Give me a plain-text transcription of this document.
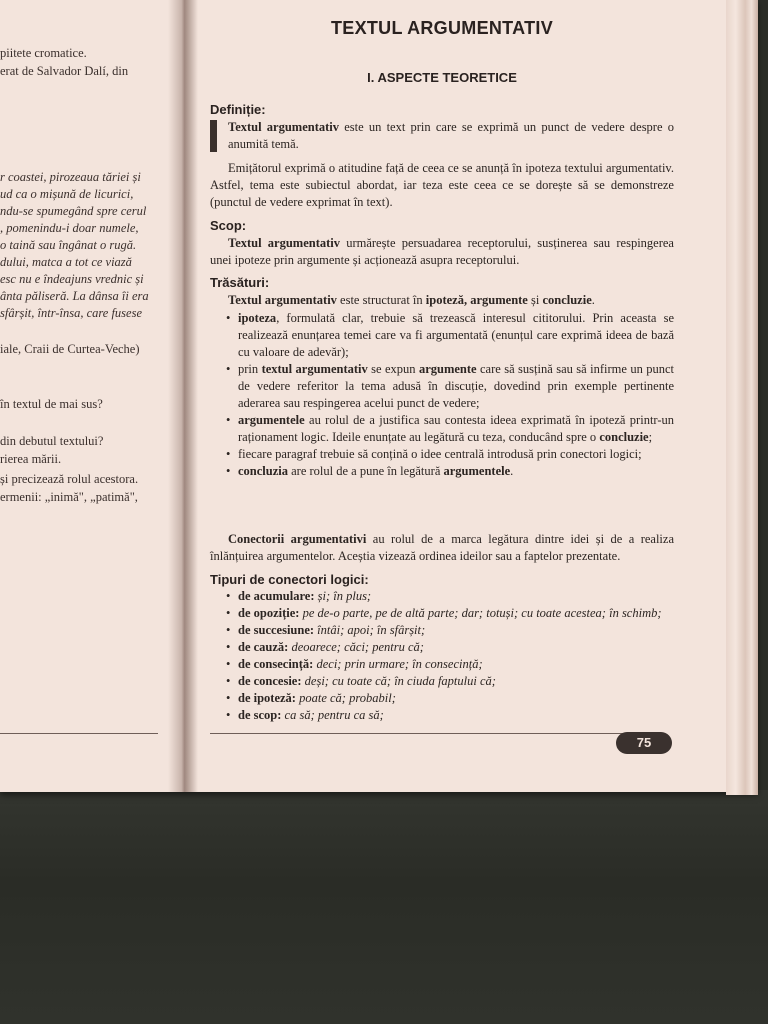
piitete cromatice.
erat de Salvador Dalí, din
r coastei, pirozeaua tăriei și
ud ca o mișună de licurici,
ndu-se spumegând spre cerul
, pomenindu-i doar numele,
o taină sau îngânat o rugă.
dului, matca a tot ce viază
esc nu e îndeajuns vrednic și
ânta păliseră. La dânsa îi era
sfârșit, într-însa, care fusese
iale, Craii de Curtea-Veche)
în textul de mai sus?
din debutul textului?
rierea mării.
și precizează rolul acestora.
ermenii: „inimă", „patimă",
TEXTUL ARGUMENTATIV
I. ASPECTE TEORETICE
Definiție:

Textul argumentativ este un text prin care se exprimă un punct de vedere despre o anumită temă.

Emițătorul exprimă o atitudine față de ceea ce se anunță în ipoteza textului argumentativ. Astfel, tema este subiectul abordat, iar teza este ceea ce se dorește să se demonstreze (punctul de vedere exprimat în text).

Scop:

Textul argumentativ urmărește persuadarea receptorului, susținerea sau respingerea unei ipoteze prin argumente și acționează asupra receptorului.

Trăsături:

Textul argumentativ este structurat în ipoteză, argumente și concluzie.

• ipoteza, formulată clar, trebuie să trezească interesul cititorului. Prin aceasta se realizează enunțarea temei care va fi argumentată (enunțul care exprimă ideea de bază cu valoare de adevăr);
• prin textul argumentativ se expun argumente care să susțină sau să infirme un punct de vedere referitor la tema adusă în discuție, dovedind prin exemple pertinente aderarea sau respingerea acelui punct de vedere;
• argumentele au rolul de a justifica sau contesta ideea exprimată în ipoteză printr-un raționament logic. Ideile enunțate au legătură cu teza, conducând spre o concluzie;
• fiecare paragraf trebuie să conțină o idee centrală introdusă prin conectori logici;
• concluzia are rolul de a pune în legătură argumentele.

Conectorii argumentativi au rolul de a marca legătura dintre idei și de a realiza înlănțuirea argumentelor. Aceștia vizează ordinea ideilor sau a faptelor prezentate.

Tipuri de conectori logici:
• de acumulare: și; în plus;
• de opoziție: pe de-o parte, pe de altă parte; dar; totuși; cu toate acestea; în schimb;
• de succesiune: întâi; apoi; în sfârșit;
• de cauză: deoarece; căci; pentru că;
• de consecință: deci; prin urmare; în consecință;
• de concesie: deși; cu toate că; în ciuda faptului că;
• de ipoteză: poate că; probabil;
• de scop: ca să; pentru ca să;
75
